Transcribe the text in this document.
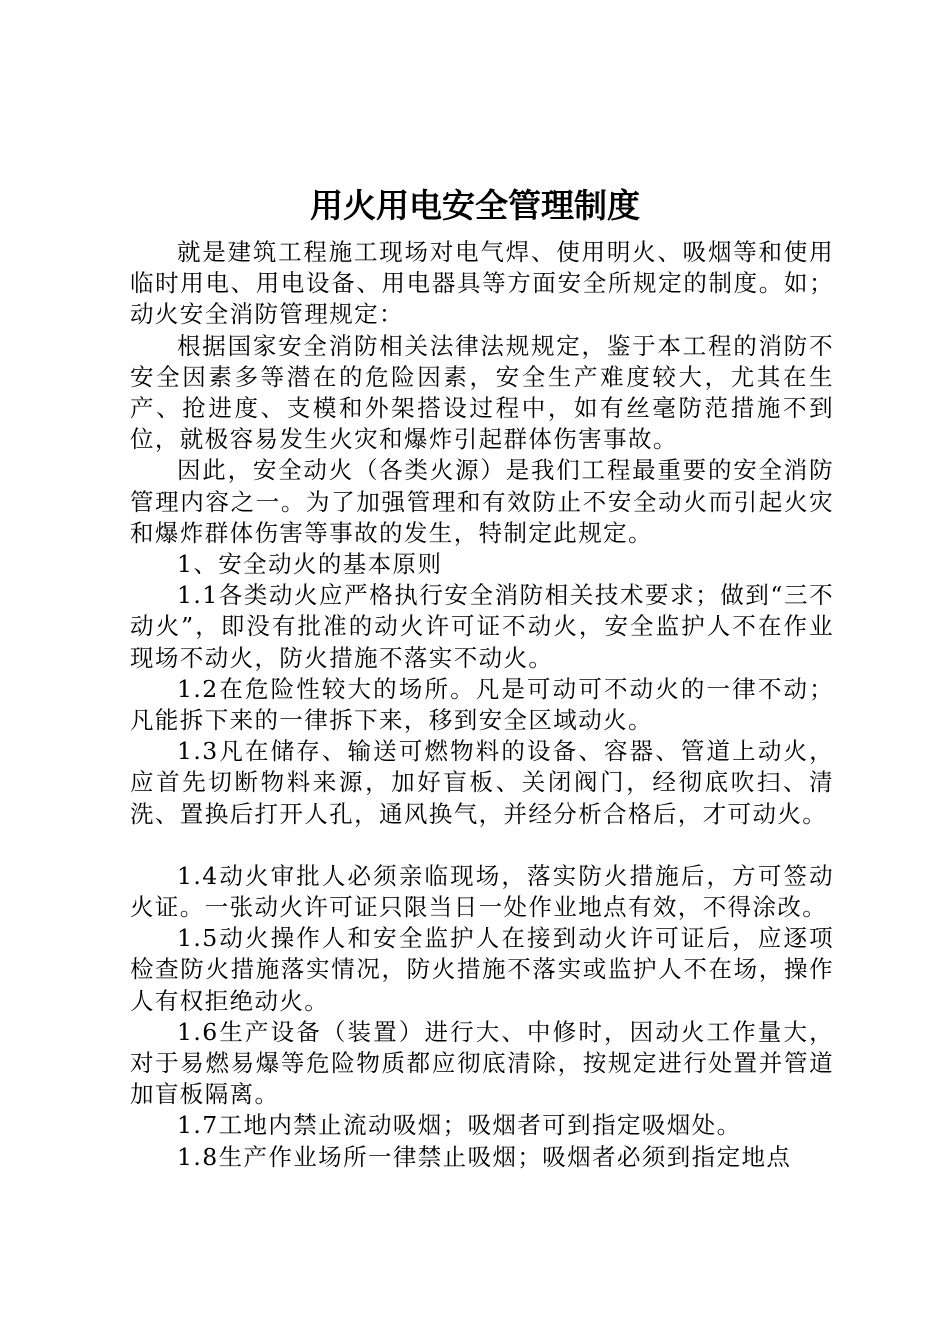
用火用电安全管理制度

就是建筑工程施工现场对电气焊、使用明火、吸烟等和使用临时用电、用电设备、用电器具等方面安全所规定的制度。如；动火安全消防管理规定：

根据国家安全消防相关法律法规规定，鉴于本工程的消防不安全因素多等潜在的危险因素，安全生产难度较大，尤其在生产、抢进度、支模和外架搭设过程中，如有丝毫防范措施不到位，就极容易发生火灾和爆炸引起群体伤害事故。

因此，安全动火（各类火源）是我们工程最重要的安全消防管理内容之一。为了加强管理和有效防止不安全动火而引起火灾和爆炸群体伤害等事故的发生，特制定此规定。

1、安全动火的基本原则

1.1各类动火应严格执行安全消防相关技术要求；做到“三不动火”，即没有批准的动火许可证不动火，安全监护人不在作业现场不动火，防火措施不落实不动火。

1.2在危险性较大的场所。凡是可动可不动火的一律不动；凡能拆下来的一律拆下来，移到安全区域动火。

1.3凡在储存、输送可燃物料的设备、容器、管道上动火，应首先切断物料来源，加好盲板、关闭阀门，经彻底吹扫、清洗、置换后打开人孔，通风换气，并经分析合格后，才可动火。

1.4动火审批人必须亲临现场，落实防火措施后，方可签动火证。一张动火许可证只限当日一处作业地点有效，不得涂改。

1.5动火操作人和安全监护人在接到动火许可证后，应逐项检查防火措施落实情况，防火措施不落实或监护人不在场，操作人有权拒绝动火。

1.6生产设备（装置）进行大、中修时，因动火工作量大，对于易燃易爆等危险物质都应彻底清除，按规定进行处置并管道加盲板隔离。

1.7工地内禁止流动吸烟；吸烟者可到指定吸烟处。

1.8生产作业场所一律禁止吸烟；吸烟者必须到指定地点
